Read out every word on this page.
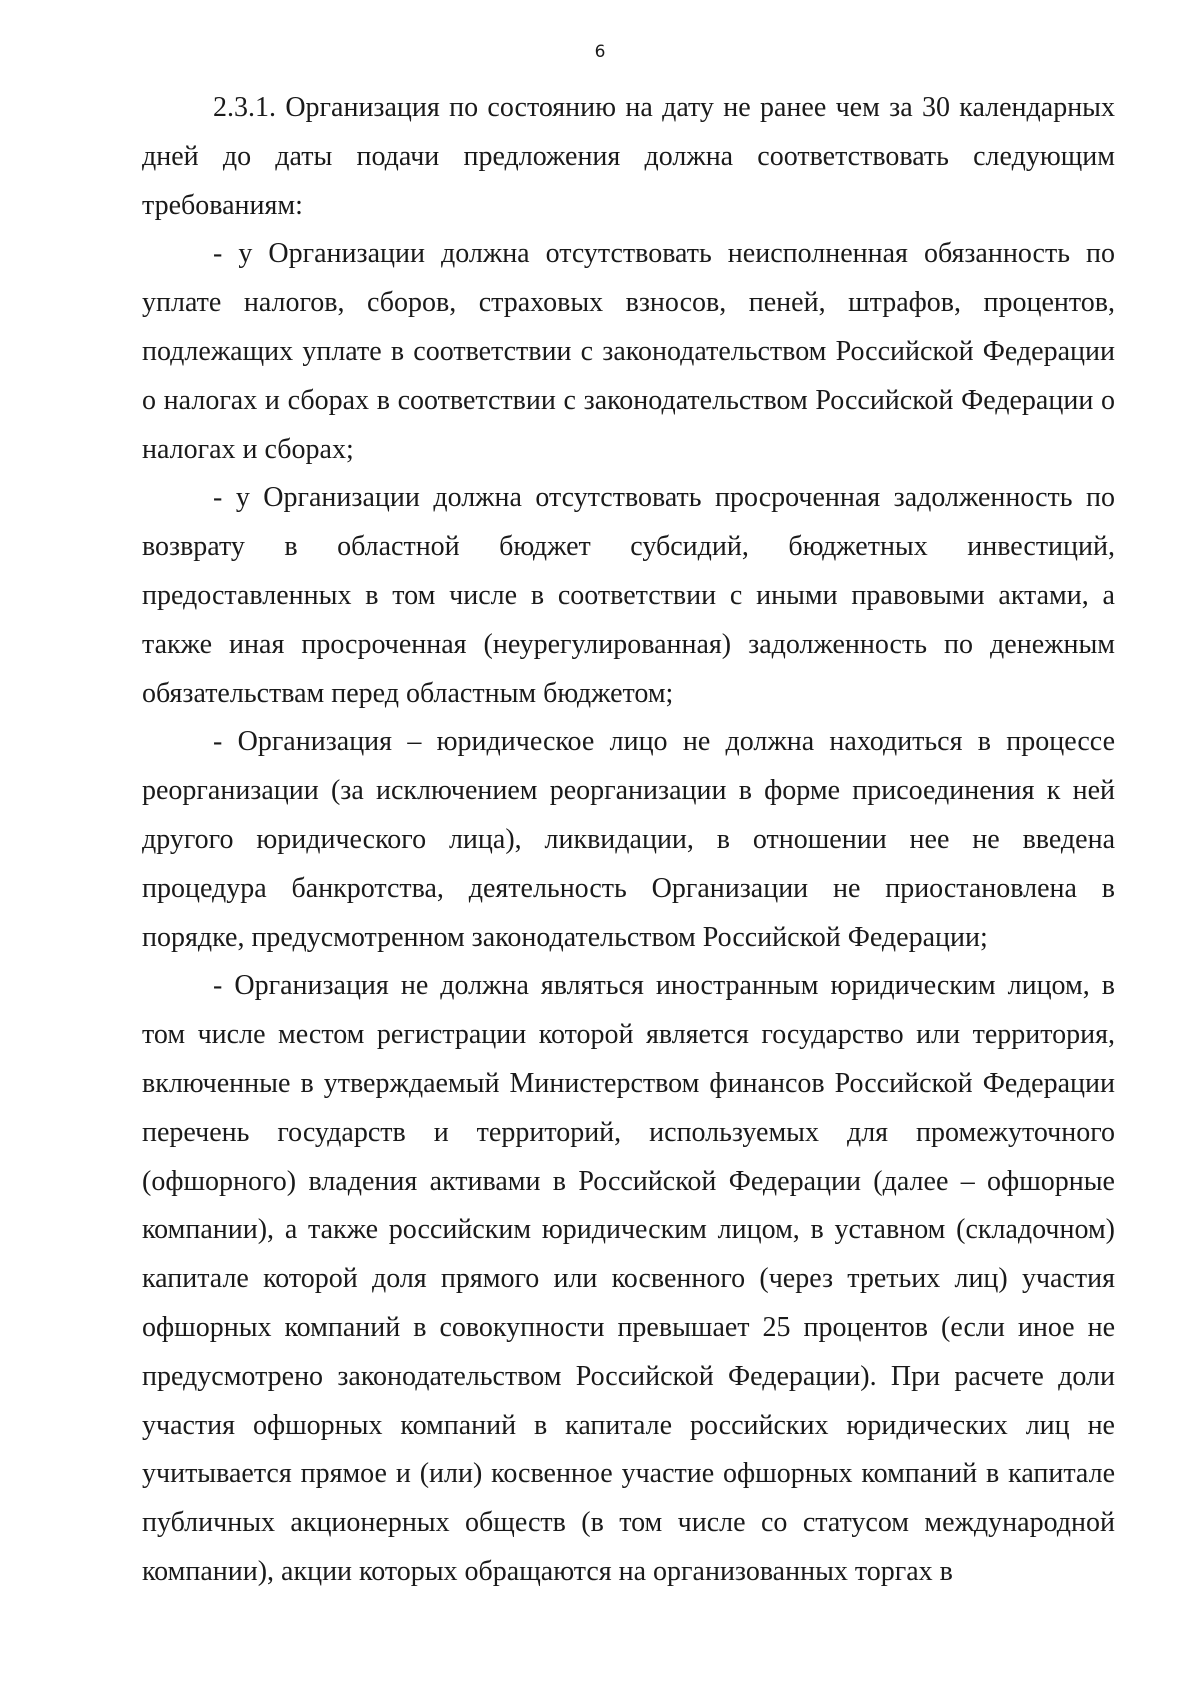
6

2.3.1. Организация по состоянию на дату не ранее чем за 30 календарных дней до даты подачи предложения должна соответствовать следующим требованиям:

- у Организации должна отсутствовать неисполненная обязанность по уплате налогов, сборов, страховых взносов, пеней, штрафов, процентов, подлежащих уплате в соответствии с законодательством Российской Федерации о налогах и сборах в соответствии с законодательством Российской Федерации о налогах и сборах;

- у Организации должна отсутствовать просроченная задолженность по возврату в областной бюджет субсидий, бюджетных инвестиций, предоставленных в том числе в соответствии с иными правовыми актами, а также иная просроченная (неурегулированная) задолженность по денежным обязательствам перед областным бюджетом;

- Организация – юридическое лицо не должна находиться в процессе реорганизации (за исключением реорганизации в форме присоединения к ней другого юридического лица), ликвидации, в отношении нее не введена процедура банкротства, деятельность Организации не приостановлена в порядке, предусмотренном законодательством Российской Федерации;

- Организация не должна являться иностранным юридическим лицом, в том числе местом регистрации которой является государство или территория, включенные в утверждаемый Министерством финансов Российской Федерации перечень государств и территорий, используемых для промежуточного (офшорного) владения активами в Российской Федерации (далее – офшорные компании), а также российским юридическим лицом, в уставном (складочном) капитале которой доля прямого или косвенного (через третьих лиц) участия офшорных компаний в совокупности превышает 25 процентов (если иное не предусмотрено законодательством Российской Федерации). При расчете доли участия офшорных компаний в капитале российских юридических лиц не учитывается прямое и (или) косвенное участие офшорных компаний в капитале публичных акционерных обществ (в том числе со статусом международной компании), акции которых обращаются на организованных торгах в
